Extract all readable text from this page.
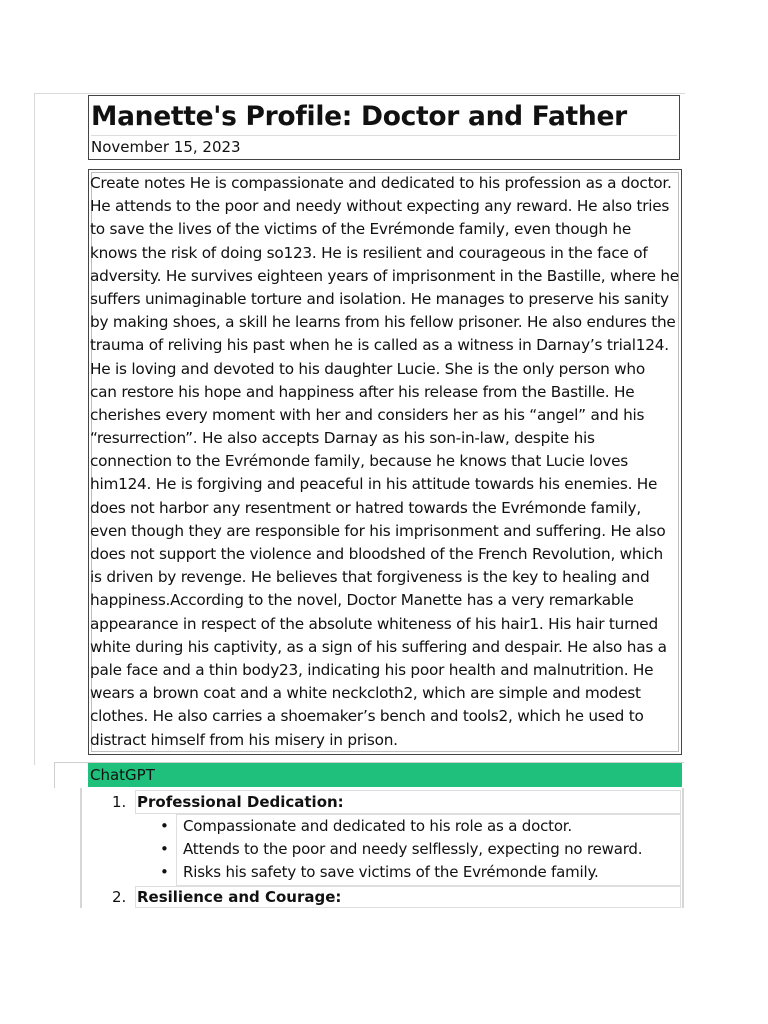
Manette's Profile: Doctor and Father
November 15, 2023
Create notes He is compassionate and dedicated to his profession as a doctor.
He attends to the poor and needy without expecting any reward. He also tries
to save the lives of the victims of the Evrémonde family, even though he
knows the risk of doing so123. He is resilient and courageous in the face of
adversity. He survives eighteen years of imprisonment in the Bastille, where he
suffers unimaginable torture and isolation. He manages to preserve his sanity
by making shoes, a skill he learns from his fellow prisoner. He also endures the
trauma of reliving his past when he is called as a witness in Darnay’s trial124.
He is loving and devoted to his daughter Lucie. She is the only person who
can restore his hope and happiness after his release from the Bastille. He
cherishes every moment with her and considers her as his “angel” and his
“resurrection”. He also accepts Darnay as his son-in-law, despite his
connection to the Evrémonde family, because he knows that Lucie loves
him124. He is forgiving and peaceful in his attitude towards his enemies. He
does not harbor any resentment or hatred towards the Evrémonde family,
even though they are responsible for his imprisonment and suffering. He also
does not support the violence and bloodshed of the French Revolution, which
is driven by revenge. He believes that forgiveness is the key to healing and
happiness.According to the novel, Doctor Manette has a very remarkable
appearance in respect of the absolute whiteness of his hair1. His hair turned
white during his captivity, as a sign of his suffering and despair. He also has a
pale face and a thin body23, indicating his poor health and malnutrition. He
wears a brown coat and a white neckcloth2, which are simple and modest
clothes. He also carries a shoemaker’s bench and tools2, which he used to
distract himself from his misery in prison.
ChatGPT
1. Professional Dedication:
• Compassionate and dedicated to his role as a doctor.
• Attends to the poor and needy selflessly, expecting no reward.
• Risks his safety to save victims of the Evrémonde family.
2. Resilience and Courage:
